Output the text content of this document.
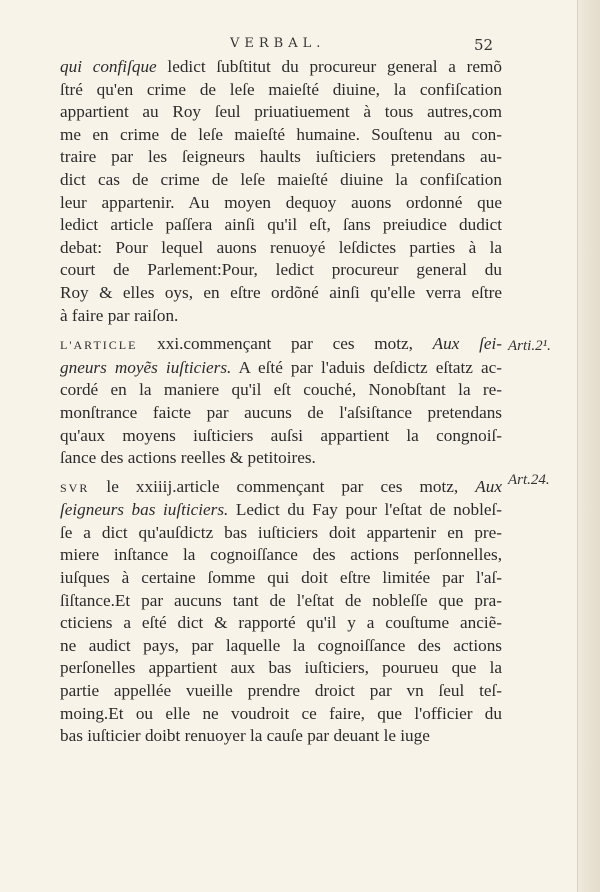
VERBAL.	52
qui confiſque ledict ſubſtitut du procureur general a remõ
ſtré qu'en crime de leſe maieſté diuine, la confiſcation
appartient au Roy ſeul priuatiuement à tous autres,com
me en crime de leſe maieſté humaine. Souſtenu au con-
traire par les ſeigneurs haults iuſticiers pretendans au-
dict cas de crime de leſe maieſté diuine la confiſcation
leur appartenir. Au moyen dequoy auons ordonné que
ledict article paſſera ainſi qu'il eſt, ſans preiudice dudict
debat: Pour lequel auons renuoyé leſdictes parties à la
court de Parlement:Pour, ledict procureur general du
Roy & elles oys, en eſtre ordõné ainſi qu'elle verra eſtre
à faire par raiſon.
L'ARTICLE xxi.commençant par ces motz, Aux ſei-
gneurs moyẽs iuſticiers. A eſté par l'aduis deſdictz eſtatz ac-
cordé en la maniere qu'il eſt couché, Nonobſtant la re-
monſtrance faicte par aucuns de l'aſsiſtance pretendans
qu'aux moyens iuſticiers auſsi appartient la congnoiſ-
ſance des actions reelles & petitoires.
SVR le xxiiij.article commençant par ces motz, Aux
ſeigneurs bas iuſticiers. Ledict du Fay pour l'eſtat de nobleſ-
ſe a dict qu'auſdictz bas iuſticiers doit appartenir en pre-
miere inſtance la cognoiſſance des actions perſonnelles,
iuſques à certaine ſomme qui doit eſtre limitée par l'aſ-
ſiſtance.Et par aucuns tant de l'eſtat de nobleſſe que pra-
cticiens a eſté dict & rapporté qu'il y a couſtume anciẽ-
ne audict pays, par laquelle la cognoiſſance des actions
perſonelles appartient aux bas iuſticiers, pourueu que la
partie appellée vueille prendre droict par vn ſeul teſ-
moing.Et ou elle ne voudroit ce faire, que l'officier du
bas iuſticier doibt renuoyer la cauſe par deuant le iuge
Arti.2¹.
Art.24.
